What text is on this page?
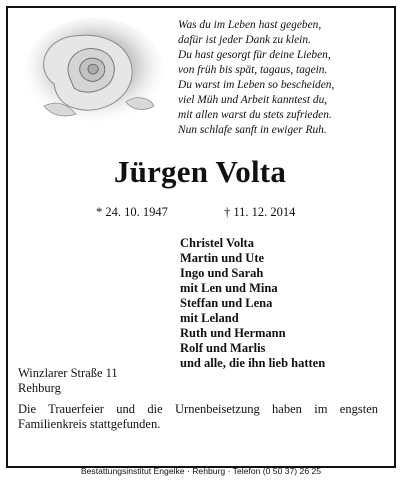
Was du im Leben hast gegeben,
dafür ist jeder Dank zu klein.
Du hast gesorgt für deine Lieben,
von früh bis spät, tagaus, tagein.
Du warst im Leben so bescheiden,
viel Müh und Arbeit kanntest du,
mit allen warst du stets zufrieden.
Nun schlafe sanft in ewiger Ruh.
Jürgen Volta
* 24. 10. 1947	† 11. 12. 2014
Christel Volta
Martin und Ute
Ingo und Sarah
mit Len und Mina
Steffan und Lena
mit Leland
Ruth und Hermann
Rolf und Marlis
und alle, die ihn lieb hatten
Winzlarer Straße 11
Rehburg
Die Trauerfeier und die Urnenbeisetzung haben im engsten Familienkreis stattgefunden.
Bestattungsinstitut Engelke · Rehburg · Telefon (0 50 37) 26 25
